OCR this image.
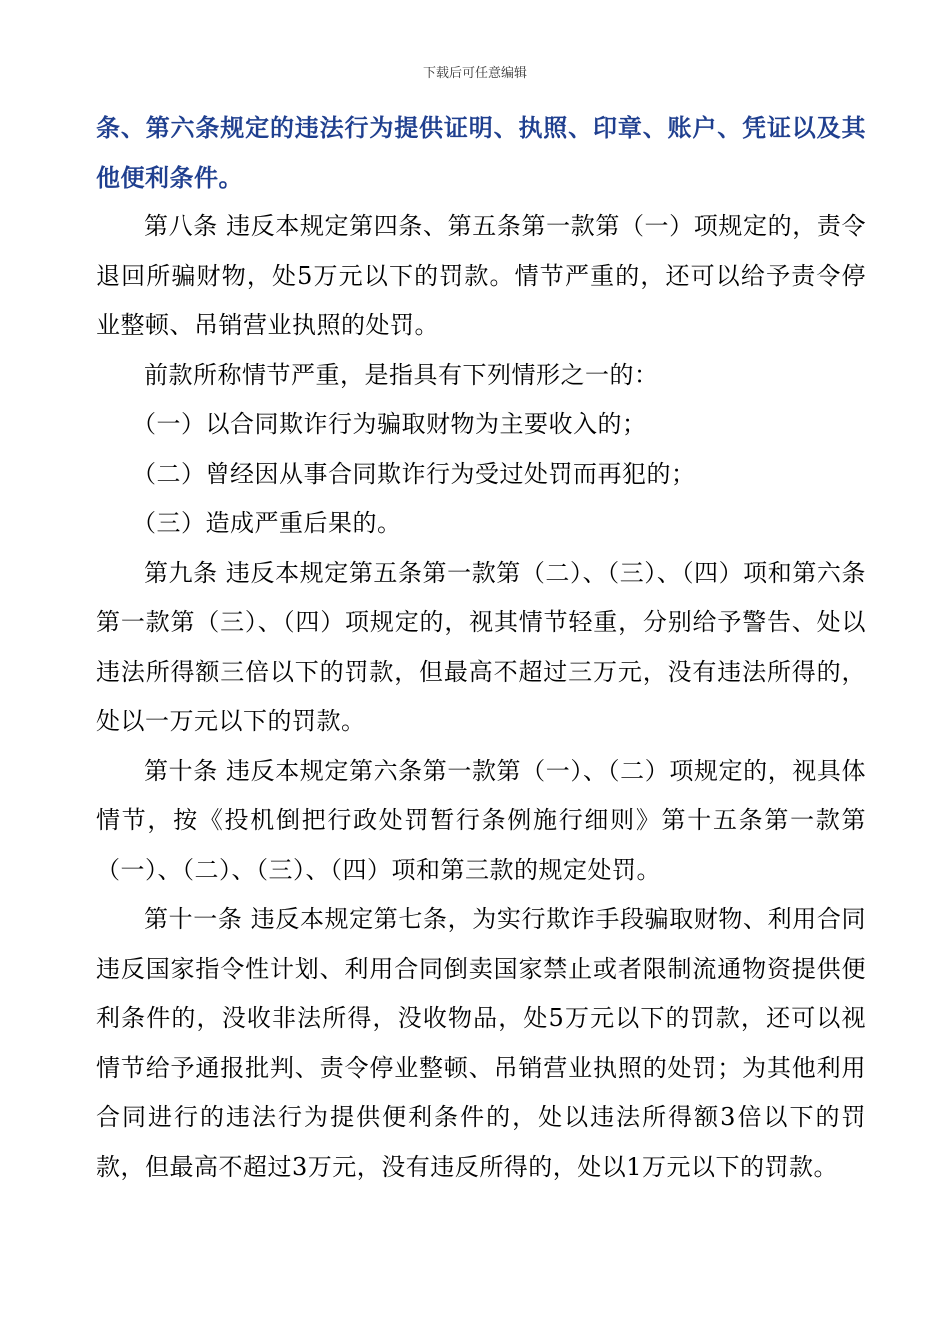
下载后可任意编辑

条、第六条规定的违法行为提供证明、执照、印章、账户、凭证以及其他便利条件。

第八条 违反本规定第四条、第五条第一款第（一）项规定的，责令退回所骗财物，处5万元以下的罚款。情节严重的，还可以给予责令停业整顿、吊销营业执照的处罚。

前款所称情节严重，是指具有下列情形之一的：

（一）以合同欺诈行为骗取财物为主要收入的；

（二）曾经因从事合同欺诈行为受过处罚而再犯的；

（三）造成严重后果的。

第九条 违反本规定第五条第一款第（二）、（三）、（四）项和第六条第一款第（三）、（四）项规定的，视其情节轻重，分别给予警告、处以违法所得额三倍以下的罚款，但最高不超过三万元，没有违法所得的，处以一万元以下的罚款。

第十条 违反本规定第六条第一款第（一）、（二）项规定的，视具体情节，按《投机倒把行政处罚暂行条例施行细则》第十五条第一款第（一）、（二）、（三）、（四）项和第三款的规定处罚。

第十一条 违反本规定第七条，为实行欺诈手段骗取财物、利用合同违反国家指令性计划、利用合同倒卖国家禁止或者限制流通物资提供便利条件的，没收非法所得，没收物品，处5万元以下的罚款，还可以视情节给予通报批判、责令停业整顿、吊销营业执照的处罚；为其他利用合同进行的违法行为提供便利条件的，处以违法所得额3倍以下的罚款，但最高不超过3万元，没有违反所得的，处以1万元以下的罚款。
